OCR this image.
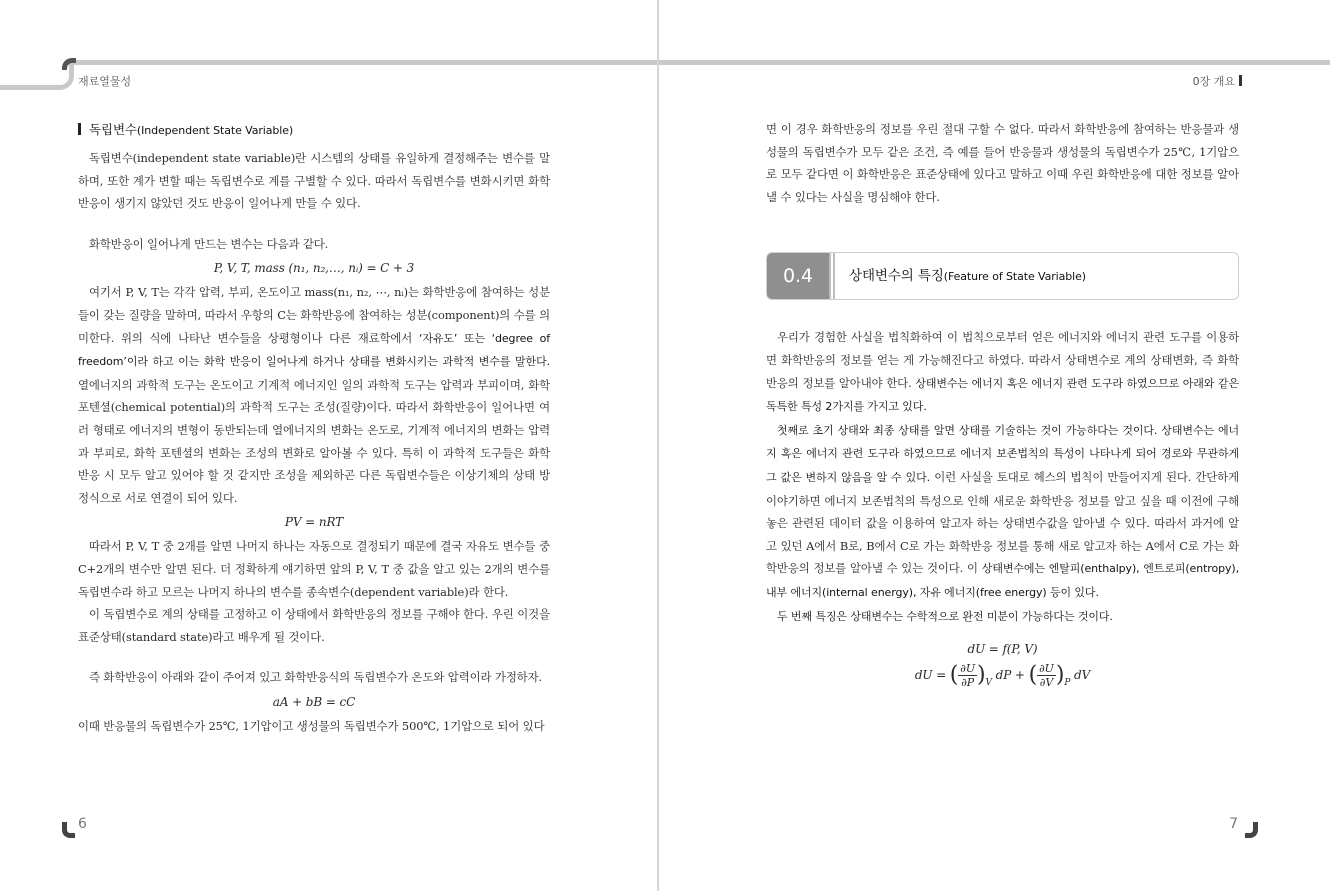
재료열물성
독립변수(Independent State Variable)

독립변수(independent state variable)란 시스템의 상태를 유일하게 결정해주는 변수를 말하며, 또한 계가 변할 때는 독립변수로 계를 구별할 수 있다. 따라서 독립변수를 변화시키면 화학반응이 생기지 않았던 것도 반응이 일어나게 만들 수 있다.

화학반응이 일어나게 만드는 변수는 다음과 같다.

P, V, T, mass (n₁, n₂,…, nᵢ) = C + 3

여기서 P, V, T는 각각 압력, 부피, 온도이고 mass(n₁, n₂, ⋯, nᵢ)는 화학반응에 참여하는 성분들이 갖는 질량을 말하며, 따라서 우항의 C는 화학반응에 참여하는 성분(component)의 수를 의미한다. 위의 식에 나타난 변수들을 상평형이나 다른 재료학에서 ‘자유도’ 또는 ‘degree of freedom’이라 하고 이는 화학 반응이 일어나게 하거나 상태를 변화시키는 과학적 변수를 말한다. 열에너지의 과학적 도구는 온도이고 기계적 에너지인 일의 과학적 도구는 압력과 부피이며, 화학 포텐셜(chemical potential)의 과학적 도구는 조성(질량)이다. 따라서 화학반응이 일어나면 여러 형태로 에너지의 변형이 동반되는데 열에너지의 변화는 온도로, 기계적 에너지의 변화는 압력과 부피로, 화학 포텐셜의 변화는 조성의 변화로 알아볼 수 있다. 특히 이 과학적 도구들은 화학 반응 시 모두 알고 있어야 할 것 같지만 조성을 제외하곤 다른 독립변수들은 이상기체의 상태 방정식으로 서로 연결이 되어 있다.

PV = nRT

따라서 P, V, T 중 2개를 알면 나머지 하나는 자동으로 결정되기 때문에 결국 자유도 변수들 중 C+2개의 변수만 알면 된다. 더 정확하게 얘기하면 앞의 P, V, T 중 값을 알고 있는 2개의 변수를 독립변수라 하고 모르는 나머지 하나의 변수를 종속변수(dependent variable)라 한다.

이 독립변수로 계의 상태를 고정하고 이 상태에서 화학반응의 정보를 구해야 한다. 우린 이것을 표준상태(standard state)라고 배우게 될 것이다.

즉 화학반응이 아래와 같이 주어져 있고 화학반응식의 독립변수가 온도와 압력이라 가정하자.

aA + bB = cC

이때 반응물의 독립변수가 25℃, 1기압이고 생성물의 독립변수가 500℃, 1기압으로 되어 있다

6
0장 개요

면 이 경우 화학반응의 정보를 우린 절대 구할 수 없다. 따라서 화학반응에 참여하는 반응물과 생성물의 독립변수가 모두 같은 조건, 즉 예를 들어 반응물과 생성물의 독립변수가 25℃, 1기압으로 모두 같다면 이 화학반응은 표준상태에 있다고 말하고 이때 우린 화학반응에 대한 정보를 알아낼 수 있다는 사실을 명심해야 한다.

0.4	상태변수의 특징(Feature of State Variable)

우리가 경험한 사실을 법칙화하여 이 법칙으로부터 얻은 에너지와 에너지 관련 도구를 이용하면 화학반응의 정보를 얻는 게 가능해진다고 하였다. 따라서 상태변수로 계의 상태변화, 즉 화학반응의 정보를 알아내야 한다. 상태변수는 에너지 혹은 에너지 관련 도구라 하였으므로 아래와 같은 독특한 특성 2가지를 가지고 있다.

첫째로 초기 상태와 최종 상태를 알면 상태를 기술하는 것이 가능하다는 것이다. 상태변수는 에너지 혹은 에너지 관련 도구라 하였으므로 에너지 보존법칙의 특성이 나타나게 되어 경로와 무관하게 그 값은 변하지 않음을 알 수 있다. 이런 사실을 토대로 헤스의 법칙이 만들어지게 된다. 간단하게 이야기하면 에너지 보존법칙의 특성으로 인해 새로운 화학반응 정보를 알고 싶을 때 이전에 구해놓은 관련된 데이터 값을 이용하여 알고자 하는 상태변수값을 알아낼 수 있다. 따라서 과거에 알고 있던 A에서 B로, B에서 C로 가는 화학반응 정보를 통해 새로 알고자 하는 A에서 C로 가는 화학반응의 정보를 알아낼 수 있는 것이다. 이 상태변수에는 엔탈피(enthalpy), 엔트로피(entropy), 내부 에너지(internal energy), 자유 에너지(free energy) 등이 있다.

두 번째 특징은 상태변수는 수학적으로 완전 미분이 가능하다는 것이다.

dU = f(P, V)
dU = ( $\frac{\partial U}{\partial P} )_V$ dP + ( $\frac{\partial U}{\partial V} )_P$ dV
7
